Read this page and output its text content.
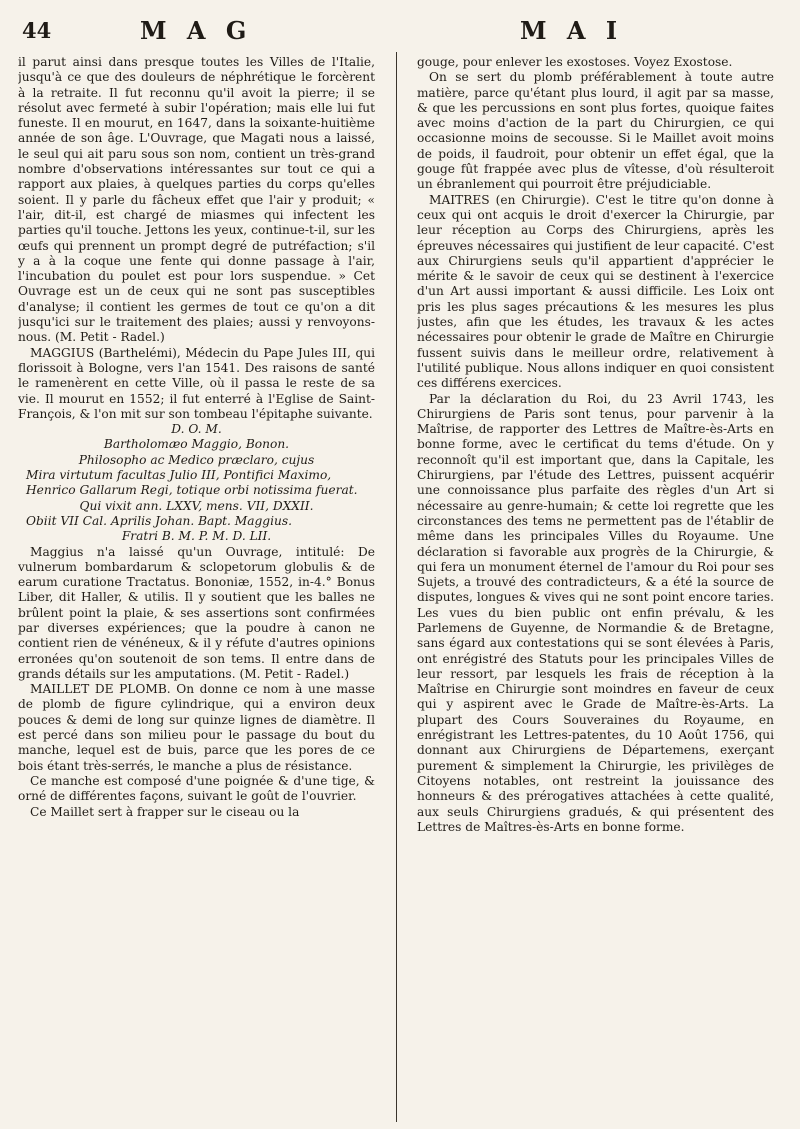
44	M A G	M A I

il parut ainsi dans presque toutes les Villes de l'Italie, jusqu'à ce que des douleurs de néphrétique le forcèrent à la retraite. Il fut reconnu qu'il avoit la pierre; il se résolut avec fermeté à subir l'opération; mais elle lui fut funeste. Il en mourut, en 1647, dans la soixante-huitième année de son âge. L'Ouvrage, que Magati nous a laissé, le seul qui ait paru sous son nom, contient un très-grand nombre d'observations intéressantes sur tout ce qui a rapport aux plaies, à quelques parties du corps qu'elles soient. Il y parle du fâcheux effet que l'air y produit; « l'air, dit-il, est chargé de miasmes qui infectent les parties qu'il touche. Jettons les yeux, continue-t-il, sur les œufs qui prennent un prompt degré de putréfaction; s'il y a à la coque une fente qui donne passage à l'air, l'incubation du poulet est pour lors suspendue. » Cet Ouvrage est un de ceux qui ne sont pas susceptibles d'analyse; il contient les germes de tout ce qu'on a dit jusqu'ici sur le traitement des plaies; aussi y renvoyons-nous. (M. Petit - Radel.)

MAGGIUS (Barthelémi), Médecin du Pape Jules III, qui florissoit à Bologne, vers l'an 1541. Des raisons de santé le ramenèrent en cette Ville, où il passa le reste de sa vie. Il mourut en 1552; il fut enterré à l'Eglise de Saint-François, & l'on mit sur son tombeau l'épitaphe suivante.

D. O. M.

Bartholomæo Maggio, Bonon.

Philosopho ac Medico præclaro, cujus

Mira virtutum facultas Julio III, Pontifici Maximo,

Henrico Gallarum Regi, totique orbi notissima fuerat.

Qui vixit ann. LXXV, mens. VII, DXXII.

Obiit VII Cal. Aprilis Johan. Bapt. Maggius.

Fratri B. M. P. M. D. LII.

Maggius n'a laissé qu'un Ouvrage, intitulé: De vulnerum bombardarum & sclopetorum globulis & de earum curatione Tractatus. Bononiæ, 1552, in-4.° Bonus Liber, dit Haller, & utilis. Il y soutient que les balles ne brûlent point la plaie, & ses assertions sont confirmées par diverses expériences; que la poudre à canon ne contient rien de vénéneux, & il y réfute d'autres opinions erronées qu'on soutenoit de son tems. Il entre dans de grands détails sur les amputations. (M. Petit - Radel.)

MAILLET DE PLOMB. On donne ce nom à une masse de plomb de figure cylindrique, qui a environ deux pouces & demi de long sur quinze lignes de diamètre. Il est percé dans son milieu pour le passage du bout du manche, lequel est de buis, parce que les pores de ce bois étant très-serrés, le manche a plus de résistance.

Ce manche est composé d'une poignée & d'une tige, & orné de différentes façons, suivant le goût de l'ouvrier.

Ce Maillet sert à frapper sur le ciseau ou la

gouge, pour enlever les exostoses. Voyez Exostose.

On se sert du plomb préférablement à toute autre matière, parce qu'étant plus lourd, il agit par sa masse, & que les percussions en sont plus fortes, quoique faites avec moins d'action de la part du Chirurgien, ce qui occasionne moins de secousse. Si le Maillet avoit moins de poids, il faudroit, pour obtenir un effet égal, que la gouge fût frappée avec plus de vîtesse, d'où résulteroit un ébranlement qui pourroit être préjudiciable.

MAITRES (en Chirurgie). C'est le titre qu'on donne à ceux qui ont acquis le droit d'exercer la Chirurgie, par leur réception au Corps des Chirurgiens, après les épreuves nécessaires qui justifient de leur capacité. C'est aux Chirurgiens seuls qu'il appartient d'apprécier le mérite & le savoir de ceux qui se destinent à l'exercice d'un Art aussi important & aussi difficile. Les Loix ont pris les plus sages précautions & les mesures les plus justes, afin que les études, les travaux & les actes nécessaires pour obtenir le grade de Maître en Chirurgie fussent suivis dans le meilleur ordre, relativement à l'utilité publique. Nous allons indiquer en quoi consistent ces différens exercices.

Par la déclaration du Roi, du 23 Avril 1743, les Chirurgiens de Paris sont tenus, pour parvenir à la Maîtrise, de rapporter des Lettres de Maître-ès-Arts en bonne forme, avec le certificat du tems d'étude. On y reconnoît qu'il est important que, dans la Capitale, les Chirurgiens, par l'étude des Lettres, puissent acquérir une connoissance plus parfaite des règles d'un Art si nécessaire au genre-humain; & cette loi regrette que les circonstances des tems ne permettent pas de l'établir de même dans les principales Villes du Royaume. Une déclaration si favorable aux progrès de la Chirurgie, & qui fera un monument éternel de l'amour du Roi pour ses Sujets, a trouvé des contradicteurs, & a été la source de disputes, longues & vives qui ne sont point encore taries. Les vues du bien public ont enfin prévalu, & les Parlemens de Guyenne, de Normandie & de Bretagne, sans égard aux contestations qui se sont élevées à Paris, ont enrégistré des Statuts pour les principales Villes de leur ressort, par lesquels les frais de réception à la Maîtrise en Chirurgie sont moindres en faveur de ceux qui y aspirent avec le Grade de Maître-ès-Arts. La plupart des Cours Souveraines du Royaume, en enrégistrant les Lettres-patentes, du 10 Août 1756, qui donnant aux Chirurgiens de Départemens, exerçant purement & simplement la Chirurgie, les privilèges de Citoyens notables, ont restreint la jouissance des honneurs & des prérogatives attachées à cette qualité, aux seuls Chirurgiens gradués, & qui présentent des Lettres de Maîtres-ès-Arts en bonne forme.
